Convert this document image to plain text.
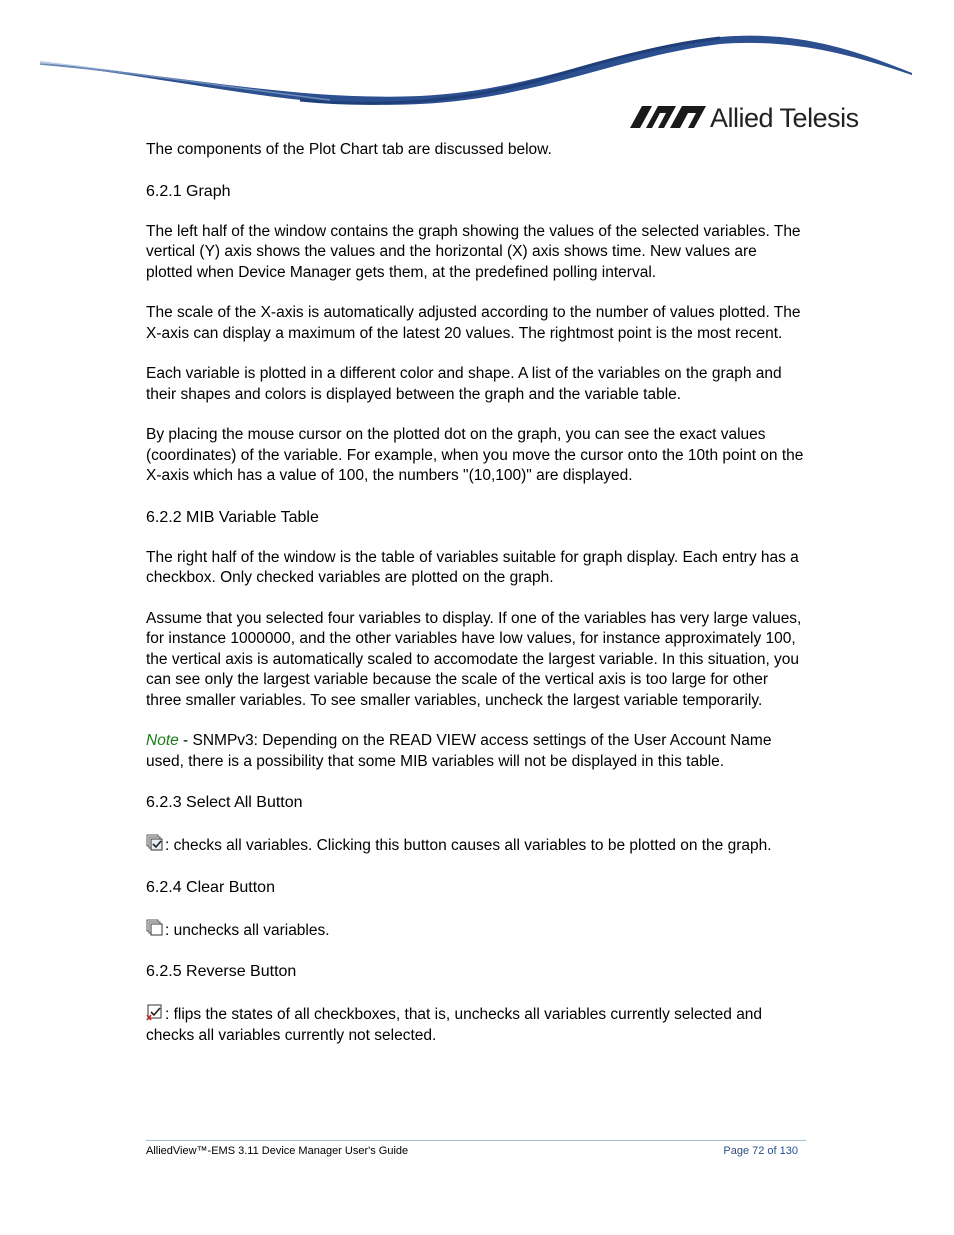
Allied Telesis

The components of the Plot Chart tab are discussed below.

6.2.1 Graph

The left half of the window contains the graph showing the values of the selected variables. The vertical (Y) axis shows the values and the horizontal (X) axis shows time. New values are plotted when Device Manager gets them, at the predefined polling interval.

The scale of the X-axis is automatically adjusted according to the number of values plotted. The X-axis can display a maximum of the latest 20 values. The rightmost point is the most recent.

Each variable is plotted in a different color and shape. A list of the variables on the graph and their shapes and colors is displayed between the graph and the variable table.

By placing the mouse cursor on the plotted dot on the graph, you can see the exact values (coordinates) of the variable. For example, when you move the cursor onto the 10th point on the X-axis which has a value of 100, the numbers "(10,100)" are displayed.

6.2.2 MIB Variable Table

The right half of the window is the table of variables suitable for graph display. Each entry has a checkbox. Only checked variables are plotted on the graph.

Assume that you selected four variables to display. If one of the variables has very large values, for instance 1000000, and the other variables have low values, for instance approximately 100, the vertical axis is automatically scaled to accomodate the largest variable. In this situation, you can see only the largest variable because the scale of the vertical axis is too large for other three smaller variables. To see smaller variables, uncheck the largest variable temporarily.

Note - SNMPv3: Depending on the READ VIEW access settings of the User Account Name used, there is a possibility that some MIB variables will not be displayed in this table.

6.2.3 Select All Button

: checks all variables. Clicking this button causes all variables to be plotted on the graph.

6.2.4 Clear Button

: unchecks all variables.

6.2.5 Reverse Button

: flips the states of all checkboxes, that is, unchecks all variables currently selected and checks all variables currently not selected.

AlliedView™-EMS 3.11 Device Manager User's Guide	Page 72 of 130
